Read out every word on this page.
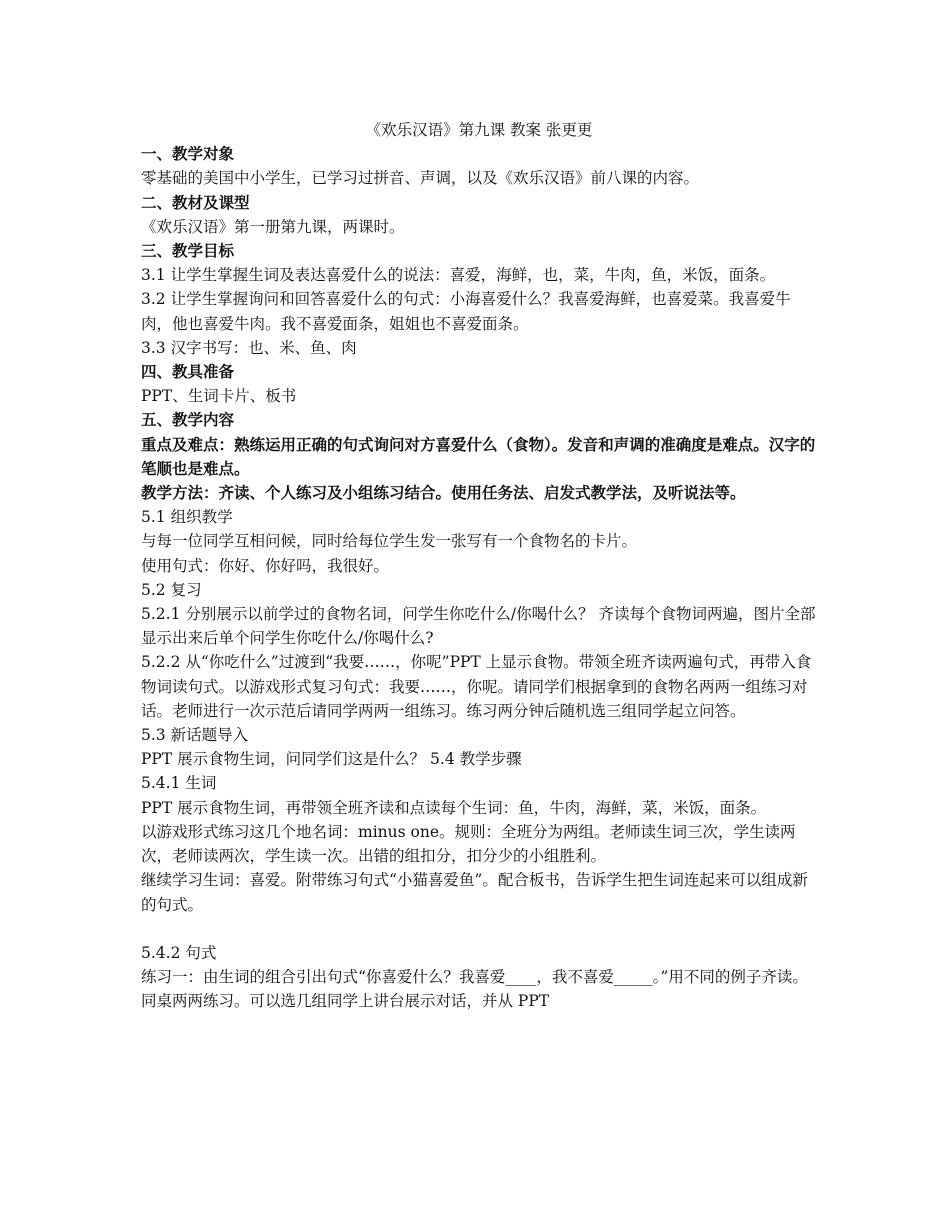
《欢乐汉语》第九课 教案 张更更

一、教学对象

零基础的美国中小学生，已学习过拼音、声调，以及《欢乐汉语》前八课的内容。

二、教材及课型

《欢乐汉语》第一册第九课，两课时。

三、教学目标

3.1 让学生掌握生词及表达喜爱什么的说法：喜爱，海鲜，也，菜，牛肉，鱼，米饭，面条。

3.2 让学生掌握询问和回答喜爱什么的句式：小海喜爱什么？我喜爱海鲜，也喜爱菜。我喜爱牛肉，他也喜爱牛肉。我不喜爱面条，姐姐也不喜爱面条。

3.3 汉字书写：也、米、鱼、肉

四、教具准备

PPT、生词卡片、板书

五、教学内容

重点及难点：熟练运用正确的句式询问对方喜爱什么（食物）。发音和声调的准确度是难点。汉字的笔顺也是难点。

教学方法：齐读、个人练习及小组练习结合。使用任务法、启发式教学法，及听说法等。

5.1 组织教学

与每一位同学互相问候，同时给每位学生发一张写有一个食物名的卡片。

使用句式：你好、你好吗，我很好。

5.2 复习

5.2.1 分别展示以前学过的食物名词，问学生你吃什么/你喝什么？ 齐读每个食物词两遍，图片全部显示出来后单个问学生你吃什么/你喝什么?

5.2.2 从“你吃什么”过渡到“我要……，你呢”PPT 上显示食物。带领全班齐读两遍句式，再带入食物词读句式。以游戏形式复习句式：我要……，你呢。请同学们根据拿到的食物名两两一组练习对话。老师进行一次示范后请同学两两一组练习。练习两分钟后随机选三组同学起立问答。

5.3 新话题导入

PPT 展示食物生词，问同学们这是什么？ 5.4 教学步骤

5.4.1 生词

PPT 展示食物生词，再带领全班齐读和点读每个生词：鱼，牛肉，海鲜，菜，米饭，面条。

以游戏形式练习这几个地名词：minus one。规则：全班分为两组。老师读生词三次，学生读两次，老师读两次，学生读一次。出错的组扣分，扣分少的小组胜利。

继续学习生词：喜爱。附带练习句式“小猫喜爱鱼”。配合板书，告诉学生把生词连起来可以组成新的句式。

5.4.2 句式

练习一：由生词的组合引出句式“你喜爱什么？我喜爱____，我不喜爱_____。”用不同的例子齐读。同桌两两练习。可以选几组同学上讲台展示对话，并从 PPT
